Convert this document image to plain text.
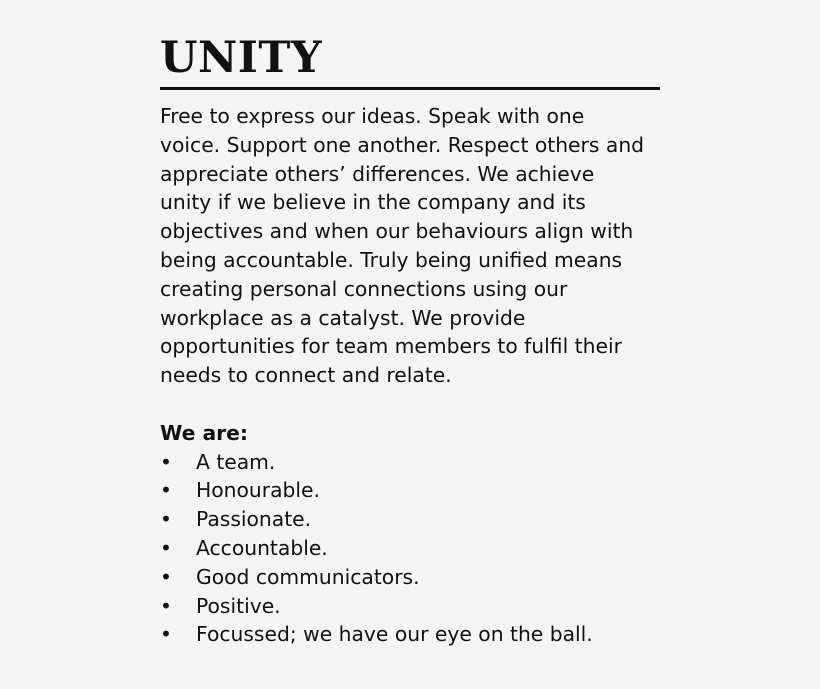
UNITY

Free to express our ideas. Speak with one voice. Support one another. Respect others and appreciate others’ differences. We achieve unity if we believe in the company and its objectives and when our behaviours align with being accountable. Truly being unified means creating personal connections using our workplace as a catalyst. We provide opportunities for team members to fulfil their needs to connect and relate.

We are:

•	A team.
•	Honourable.
•	Passionate.
•	Accountable.
•	Good communicators.
•	Positive.
•	Focussed; we have our eye on the ball.
